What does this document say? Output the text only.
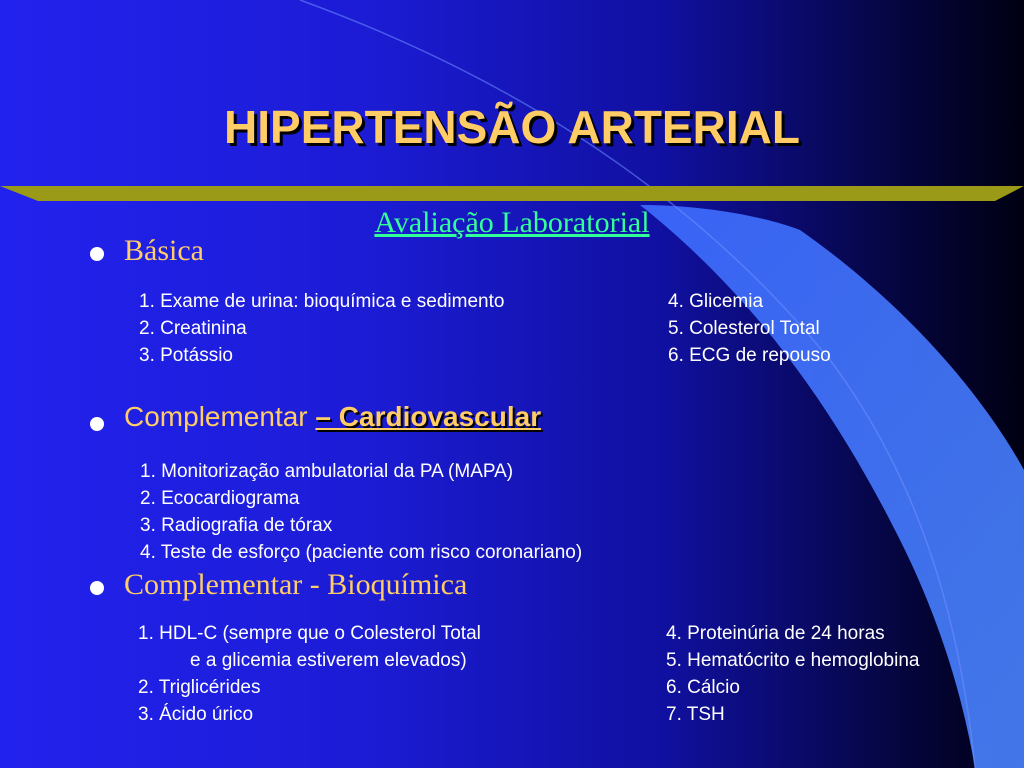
HIPERTENSÃO ARTERIAL
Avaliação Laboratorial
Básica
1. Exame de urina: bioquímica e sedimento
2. Creatinina
3. Potássio
4. Glicemia
5. Colesterol Total
6. ECG de repouso
Complementar – Cardiovascular
1. Monitorização ambulatorial da PA (MAPA)
2. Ecocardiograma
3. Radiografia de tórax
4. Teste de esforço (paciente com risco coronariano)
Complementar - Bioquímica
1. HDL-C (sempre que o Colesterol Total
e a glicemia estiverem elevados)
2. Triglicérides
3. Ácido úrico
4. Proteinúria de 24 horas
5. Hematócrito e hemoglobina
6. Cálcio
7. TSH
